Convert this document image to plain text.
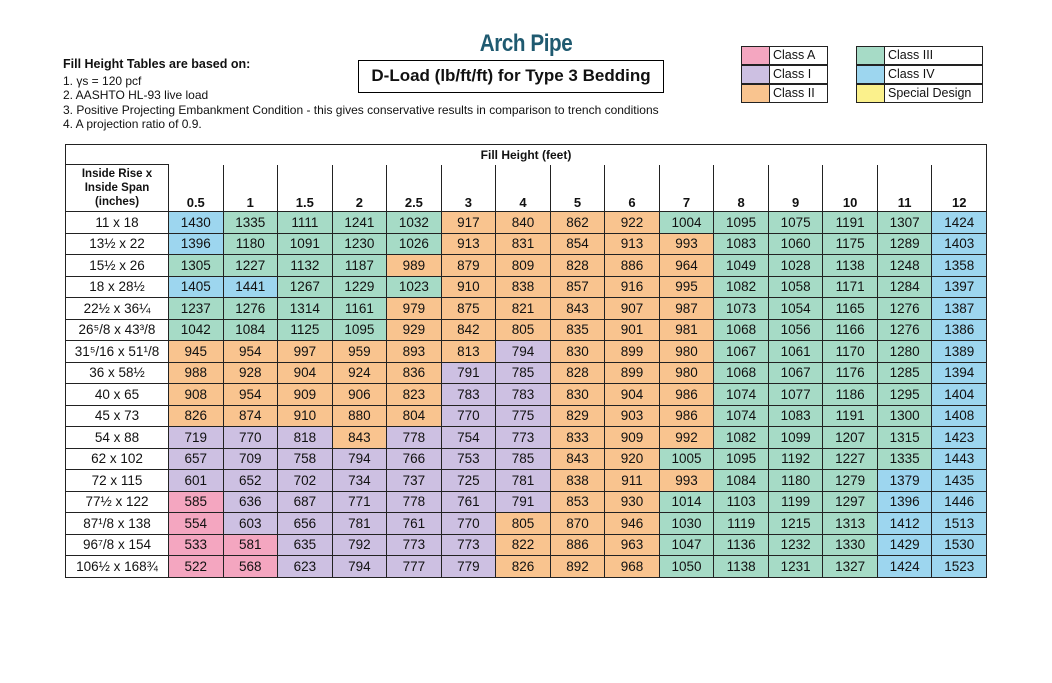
Arch Pipe
Fill Height Tables are based on:
1. γs = 120 pcf
2. AASHTO HL-93 live load
3. Positive Projecting Embankment Condition - this gives conservative results in comparison to trench conditions
4. A projection ratio of 0.9.
D-Load (lb/ft/ft) for Type 3 Bedding
Class A
Class I
Class II
Class III
Class IV
Special Design
Fill Height (feet)															

Inside Rise x
Inside Span
(inches)	0.5	1	1.5	2	2.5	3	4	5	6	7	8	9	10	11	12
11 x 18	1430	1335	1111	1241	1032	917	840	862	922	1004	1095	1075	1191	1307	1424
13½ x 22	1396	1180	1091	1230	1026	913	831	854	913	993	1083	1060	1175	1289	1403
15½ x 26	1305	1227	1132	1187	989	879	809	828	886	964	1049	1028	1138	1248	1358
18 x 28½	1405	1441	1267	1229	1023	910	838	857	916	995	1082	1058	1171	1284	1397
22½ x 36¼	1237	1276	1314	1161	979	875	821	843	907	987	1073	1054	1165	1276	1387
26⁵/8 x 43³/8	1042	1084	1125	1095	929	842	805	835	901	981	1068	1056	1166	1276	1386
31⁵/16 x 51¹/8	945	954	997	959	893	813	794	830	899	980	1067	1061	1170	1280	1389
36 x 58½	988	928	904	924	836	791	785	828	899	980	1068	1067	1176	1285	1394
40 x 65	908	954	909	906	823	783	783	830	904	986	1074	1077	1186	1295	1404
45 x 73	826	874	910	880	804	770	775	829	903	986	1074	1083	1191	1300	1408
54 x 88	719	770	818	843	778	754	773	833	909	992	1082	1099	1207	1315	1423
62 x 102	657	709	758	794	766	753	785	843	920	1005	1095	1192	1227	1335	1443
72 x 115	601	652	702	734	737	725	781	838	911	993	1084	1180	1279	1379	1435
77½ x 122	585	636	687	771	778	761	791	853	930	1014	1103	1199	1297	1396	1446
87¹/8 x 138	554	603	656	781	761	770	805	870	946	1030	1119	1215	1313	1412	1513
96⁷/8 x 154	533	581	635	792	773	773	822	886	963	1047	1136	1232	1330	1429	1530
106½ x 168¾	522	568	623	794	777	779	826	892	968	1050	1138	1231	1327	1424	1523
